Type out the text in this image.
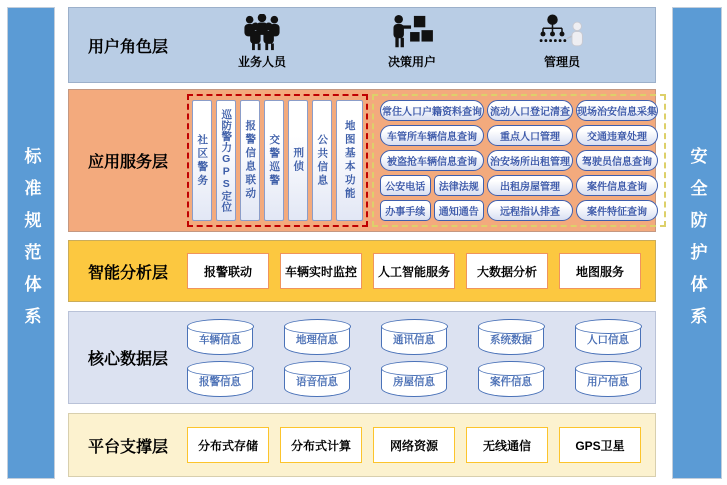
标准规范体系	安全防护体系
用户角色层
业务人员	决策用户	管理员
应用服务层	社区警务 巡防警力GPS定位 报警信息联动 交警巡警 刑侦 公共信息 地图基本功能
常住人口户籍资料查询 流动人口登记清查 现场治安信息采集
车管所车辆信息查询	重点人口管理	交通违章处理
被盗抢车辆信息查询	治安场所出租管理	驾驶员信息查询
公安电话	法律法规	出租房屋管理	案件信息查询
办事手续	通知通告	远程指认排查	案件特征查询
智能分析层	报警联动	车辆实时监控	人工智能服务	大数据分析	地图服务
核心数据层
车辆信息	地理信息	通讯信息	系统数据	人口信息
报警信息	语音信息	房屋信息	案件信息	用户信息
平台支撑层	分布式存储	分布式计算	网络资源	无线通信	GPS卫星
